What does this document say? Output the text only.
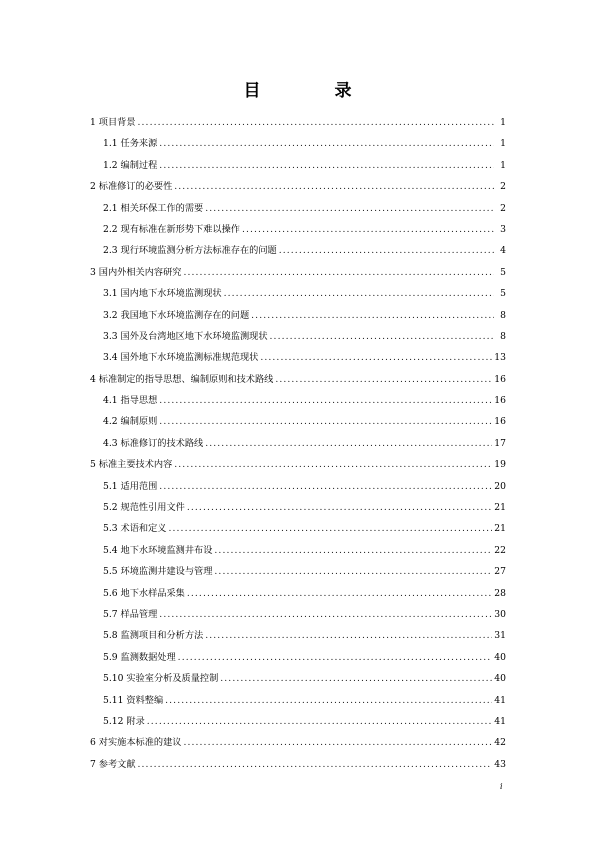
目 录
1 项目背景 .....	1
1.1 任务来源 .....	1
1.2 编制过程 .....	1
2 标准修订的必要性 .....	2
2.1 相关环保工作的需要 .....	2
2.2 现有标准在新形势下难以操作 .....	3
2.3 现行环境监测分析方法标准存在的问题 .....	4
3 国内外相关内容研究 .....	5
3.1 国内地下水环境监测现状 .....	5
3.2 我国地下水环境监测存在的问题 .....	8
3.3 国外及台湾地区地下水环境监测现状 .....	8
3.4 国外地下水环境监测标准规范现状 .....	13
4 标准制定的指导思想、编制原则和技术路线 .....	16
4.1 指导思想 .....	16
4.2 编制原则 .....	16
4.3 标准修订的技术路线 .....	17
5 标准主要技术内容 .....	19
5.1 适用范围 .....	20
5.2 规范性引用文件 .....	21
5.3 术语和定义 .....	21
5.4 地下水环境监测井布设 .....	22
5.5 环境监测井建设与管理 .....	27
5.6 地下水样品采集 .....	28
5.7 样品管理 .....	30
5.8 监测项目和分析方法 .....	31
5.9 监测数据处理 .....	40
5.10 实验室分析及质量控制 .....	40
5.11 资料整编 .....	41
5.12 附录 .....	41
6 对实施本标准的建议 .....	42
7 参考文献 .....	43
i
